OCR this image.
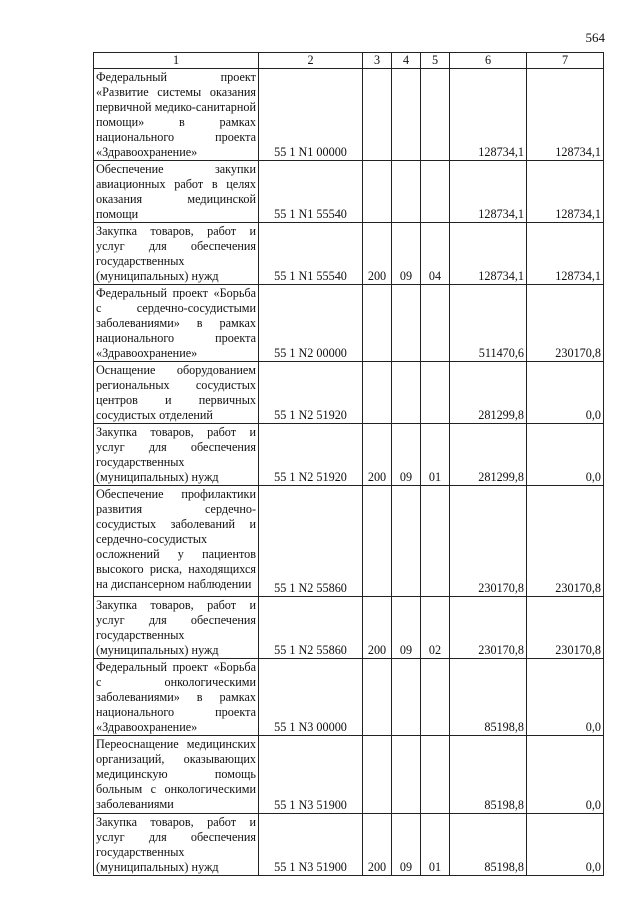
564
1	2	3	4	5	6	7
Федеральный проект «Развитие системы оказания первичной медико-санитарной помощи» в рамках национального проекта «Здравоохранение»	55 1 N1 00000				128734,1	128734,1
Обеспечение закупки авиационных работ в целях оказания медицинской помощи	55 1 N1 55540				128734,1	128734,1
Закупка товаров, работ и услуг для обеспечения государственных (муниципальных) нужд	55 1 N1 55540	200	09	04	128734,1	128734,1
Федеральный проект «Борьба с сердечно-сосудистыми заболеваниями» в рамках национального проекта «Здравоохранение»	55 1 N2 00000				511470,6	230170,8
Оснащение оборудованием региональных сосудистых центров и первичных сосудистых отделений	55 1 N2 51920				281299,8	0,0
Закупка товаров, работ и услуг для обеспечения государственных (муниципальных) нужд	55 1 N2 51920	200	09	01	281299,8	0,0
Обеспечение профилактики развития сердечно-сосудистых заболеваний и сердечно-сосудистых осложнений у пациентов высокого риска, находящихся на диспансерном наблюдении	55 1 N2 55860				230170,8	230170,8
Закупка товаров, работ и услуг для обеспечения государственных (муниципальных) нужд	55 1 N2 55860	200	09	02	230170,8	230170,8
Федеральный проект «Борьба с онкологическими заболеваниями» в рамках национального проекта «Здравоохранение»	55 1 N3 00000				85198,8	0,0
Переоснащение медицинских организаций, оказывающих медицинскую помощь больным с онкологическими заболеваниями	55 1 N3 51900				85198,8	0,0
Закупка товаров, работ и услуг для обеспечения государственных (муниципальных) нужд	55 1 N3 51900	200	09	01	85198,8	0,0
